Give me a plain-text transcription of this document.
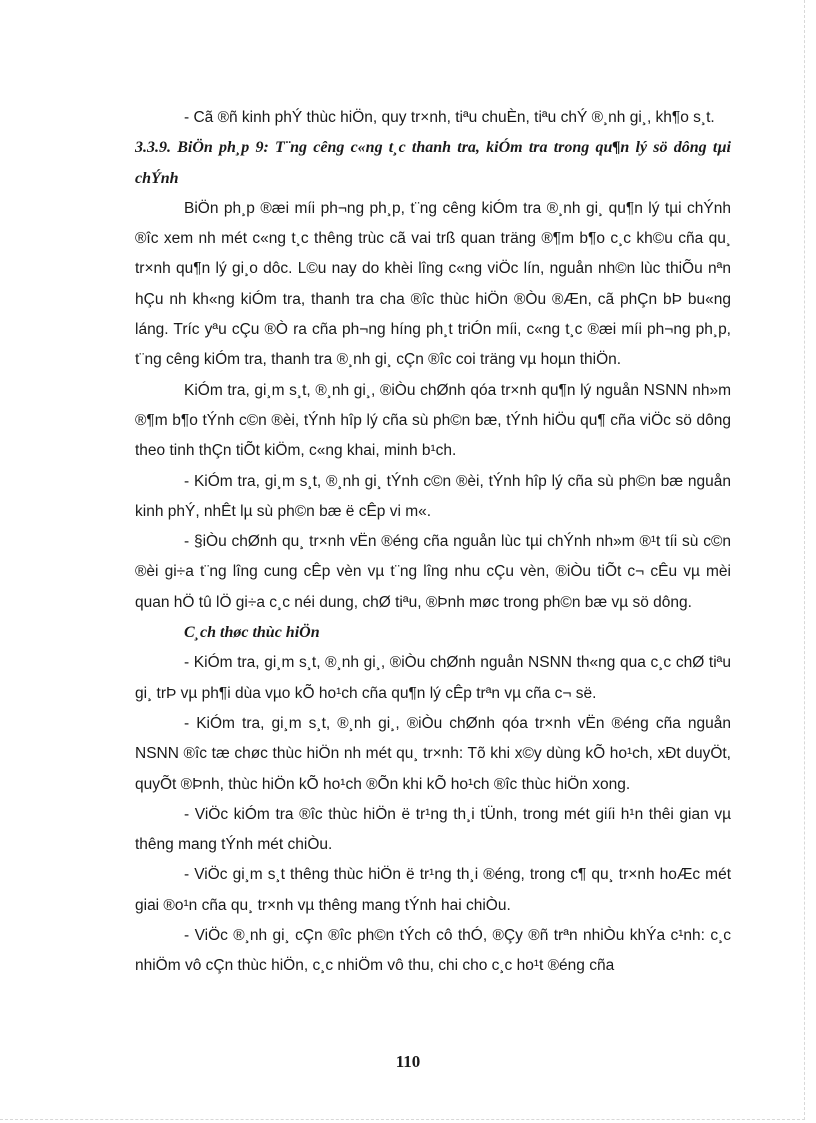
- Cã ®ñ kinh phÝ thùc hiÖn, quy tr×nh, tiªu chuÈn, tiªu chÝ ®¸nh gi¸, kh¶o s¸t.

3.3.9. BiÖn ph¸p 9: T¨ng cêng c«ng t¸c thanh tra, kiÓm tra trong qu¶n lý sö dông tµi chÝnh

BiÖn ph¸p ®æi míi ph¬ng ph¸p, t¨ng cêng kiÓm tra ®¸nh gi¸ qu¶n lý tµi chÝnh ®îc xem nh mét c«ng t¸c thêng trùc cã vai trß quan träng ®¶m b¶o c¸c kh©u cña qu¸ tr×nh qu¶n lý gi¸o dôc. L©u nay do khèi lîng c«ng viÖc lín, nguån nh©n lùc thiÕu nªn hÇu nh kh«ng kiÓm tra, thanh tra cha ®îc thùc hiÖn ®Òu ®Æn, cã phÇn bÞ bu«ng láng. Tríc yªu cÇu ®Ò ra cña ph¬ng híng ph¸t triÓn míi, c«ng t¸c ®æi míi ph¬ng ph¸p, t¨ng cêng kiÓm tra, thanh tra ®¸nh gi¸ cÇn ®îc coi träng vµ hoµn thiÖn.

KiÓm tra, gi¸m s¸t, ®¸nh gi¸, ®iÒu chØnh qóa tr×nh qu¶n lý nguån NSNN nh»m ®¶m b¶o tÝnh c©n ®èi, tÝnh hîp lý cña sù ph©n bæ, tÝnh hiÖu qu¶ cña viÖc sö dông theo tinh thÇn tiÕt kiÖm, c«ng khai, minh b¹ch.

- KiÓm tra, gi¸m s¸t, ®¸nh gi¸ tÝnh c©n ®èi, tÝnh hîp lý cña sù ph©n bæ nguån kinh phÝ, nhÊt lµ sù ph©n bæ ë cÊp vi m«.

- §iÒu chØnh qu¸ tr×nh vËn ®éng cña nguån lùc tµi chÝnh nh»m ®¹t tíi sù c©n ®èi gi÷a t¨ng lîng cung cÊp vèn vµ t¨ng lîng nhu cÇu vèn, ®iÒu tiÕt c¬ cÊu vµ mèi quan hÖ tû lÖ gi÷a c¸c néi dung, chØ tiªu, ®Þnh møc trong ph©n bæ vµ sö dông.

C¸ch thøc thùc hiÖn

- KiÓm tra, gi¸m s¸t, ®¸nh gi¸, ®iÒu chØnh nguån NSNN th«ng qua c¸c chØ tiªu gi¸ trÞ vµ ph¶i dùa vµo kÕ ho¹ch cña qu¶n lý cÊp trªn vµ cña c¬ së.

- KiÓm tra, gi¸m s¸t, ®¸nh gi¸, ®iÒu chØnh qóa tr×nh vËn ®éng cña nguån NSNN ®îc tæ chøc thùc hiÖn nh mét qu¸ tr×nh: Tõ khi x©y dùng kÕ ho¹ch, xÐt duyÖt, quyÕt ®Þnh, thùc hiÖn kÕ ho¹ch ®Õn khi kÕ ho¹ch ®îc thùc hiÖn xong.

- ViÖc kiÓm tra ®îc thùc hiÖn ë tr¹ng th¸i tÜnh, trong mét giíi h¹n thêi gian vµ thêng mang tÝnh mét chiÒu.

- ViÖc gi¸m s¸t thêng thùc hiÖn ë tr¹ng th¸i ®éng, trong c¶ qu¸ tr×nh hoÆc mét giai ®o¹n cña qu¸ tr×nh vµ thêng mang tÝnh hai chiÒu.

- ViÖc ®¸nh gi¸ cÇn ®îc ph©n tÝch cô thÓ, ®Çy ®ñ trªn nhiÒu khÝa c¹nh: c¸c nhiÖm vô cÇn thùc hiÖn, c¸c nhiÖm vô thu, chi cho c¸c ho¹t ®éng cña

110
